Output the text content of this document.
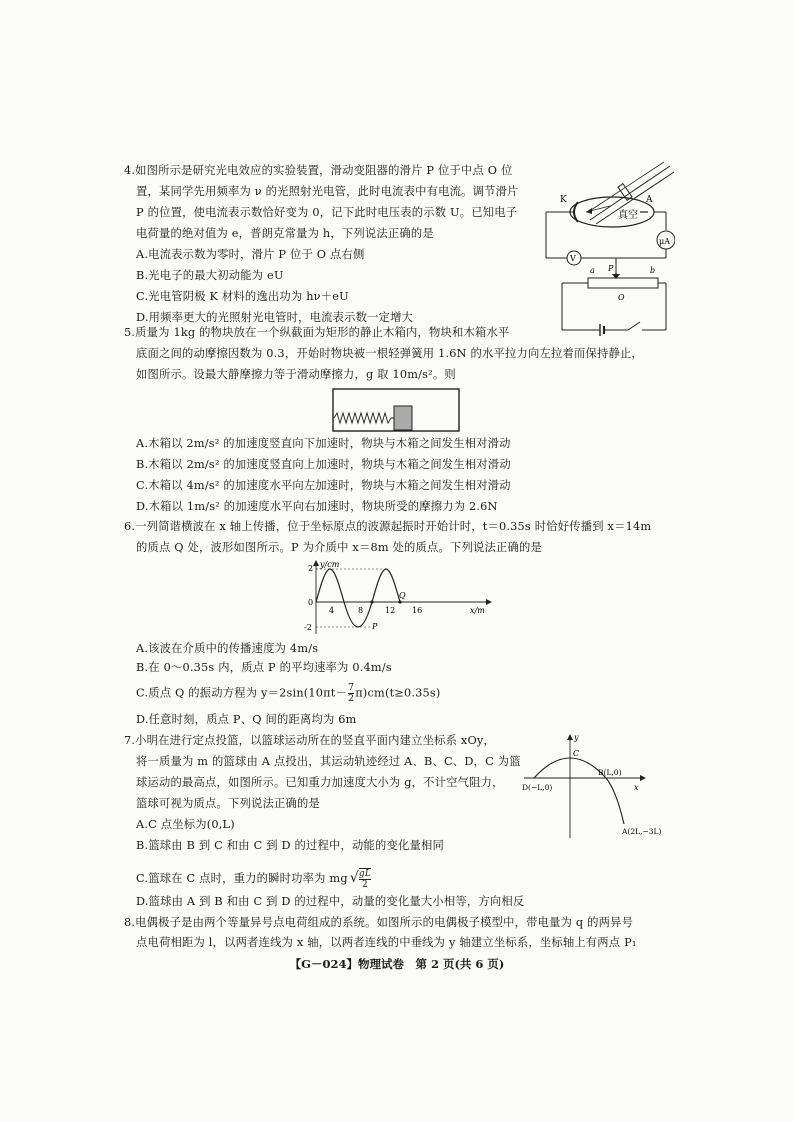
4.如图所示是研究光电效应的实验装置，滑动变阻器的滑片 P 位于中点 O 位
置，某同学先用频率为 ν 的光照射光电管，此时电流表中有电流。调节滑片
P 的位置，使电流表示数恰好变为 0，记下此时电压表的示数 U。已知电子
电荷量的绝对值为 e，普朗克常量为 h，下列说法正确的是
A.电流表示数为零时，滑片 P 位于 O 点右侧
B.光电子的最大初动能为 eU
C.光电管阴极 K 材料的逸出功为 hν＋eU
D.用频率更大的光照射光电管时，电流表示数一定增大
K	A
真空
μA
V
a P	b
O
5.质量为 1kg 的物块放在一个纵截面为矩形的静止木箱内，物块和木箱水平
底面之间的动摩擦因数为 0.3，开始时物块被一根轻弹簧用 1.6N 的水平拉力向左拉着而保持静止，
如图所示。设最大静摩擦力等于滑动摩擦力，g 取 10m/s²。则
A.木箱以 2m/s² 的加速度竖直向下加速时，物块与木箱之间发生相对滑动
B.木箱以 2m/s² 的加速度竖直向上加速时，物块与木箱之间发生相对滑动
C.木箱以 4m/s² 的加速度水平向左加速时，物块与木箱之间发生相对滑动
D.木箱以 1m/s² 的加速度水平向右加速时，物块所受的摩擦力为 2.6N
6.一列简谐横波在 x 轴上传播，位于坐标原点的波源起振时开始计时，t＝0.35s 时恰好传播到 x＝14m
的质点 Q 处，波形如图所示。P 为介质中 x＝8m 处的质点。下列说法正确的是
y/cm
x/m
2
0
-2
4	8	12 16
Q
P
A.该波在介质中的传播速度为 4m/s
B.在 0～0.35s 内，质点 P 的平均速率为 0.4m/s
C.质点 Q 的振动方程为 $y=2\sin(10\pi t- \frac{7}{2} \pi)cm(t\ge 0.35s)$
D.任意时刻，质点 P、Q 间的距离均为 6m
7.小明在进行定点投篮，以篮球运动所在的竖直平面内建立坐标系 xOy，
将一质量为 m 的篮球由 A 点投出，其运动轨迹经过 A、B、C、D，C 为篮
球运动的最高点，如图所示。已知重力加速度大小为 g，不计空气阻力，
篮球可视为质点。下列说法正确的是
A.C 点坐标为(0,L)
B.篮球由 B 到 C 和由 C 到 D 的过程中，动能的变化量相同
C.篮球在 C 点时，重力的瞬时功率为 mg √ $\frac{gL}{2}$
D.篮球由 A 到 B 和由 C 到 D 的过程中，动量的变化量大小相等，方向相反
y
x
C
B(L,0)
D(−L,0)
A(2L,−3L)
8.电偶极子是由两个等量异号点电荷组成的系统。如图所示的电偶极子模型中，带电量为 q 的两异号
点电荷相距为 l，以两者连线为 x 轴，以两者连线的中垂线为 y 轴建立坐标系，坐标轴上有两点 P₁
【G－024】物理试卷　第 2 页(共 6 页)
